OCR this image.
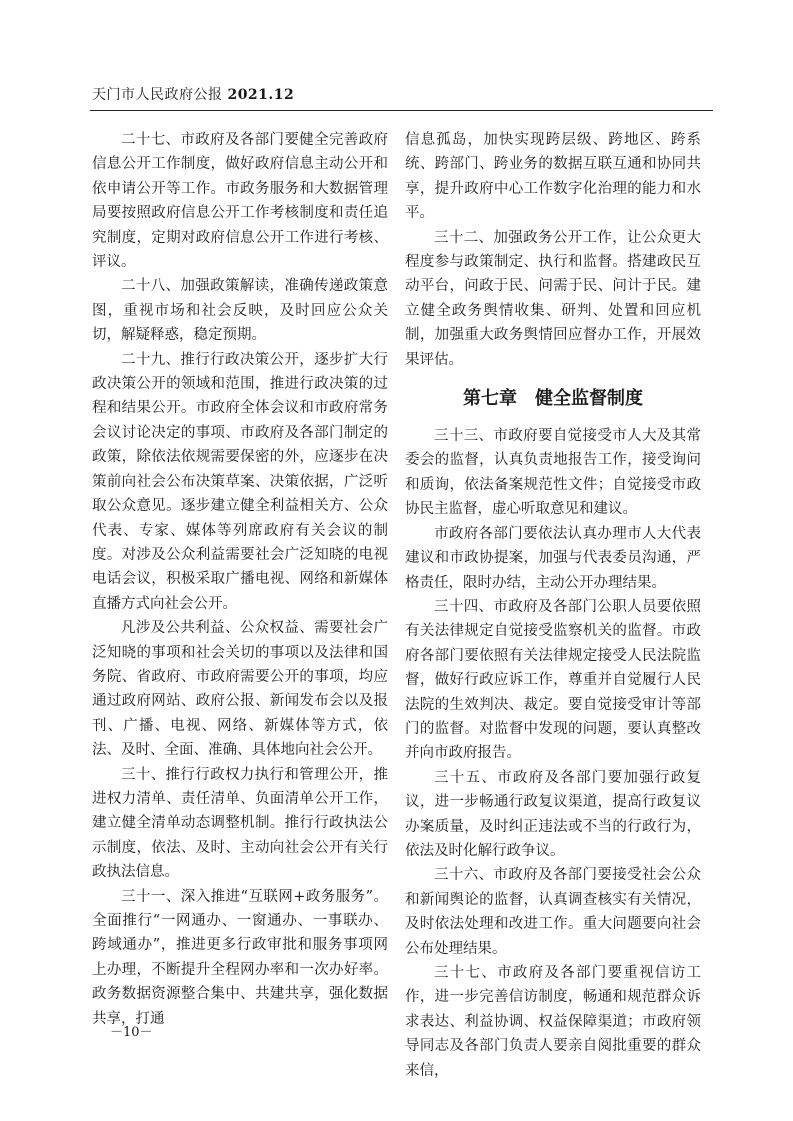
天门市人民政府公报 2021.12

二十七、市政府及各部门要健全完善政府信息公开工作制度，做好政府信息主动公开和依申请公开等工作。市政务服务和大数据管理局要按照政府信息公开工作考核制度和责任追究制度，定期对政府信息公开工作进行考核、评议。

二十八、加强政策解读，准确传递政策意图，重视市场和社会反映，及时回应公众关切，解疑释惑，稳定预期。

二十九、推行行政决策公开，逐步扩大行政决策公开的领域和范围，推进行政决策的过程和结果公开。市政府全体会议和市政府常务会议讨论决定的事项、市政府及各部门制定的政策，除依法依规需要保密的外，应逐步在决策前向社会公布决策草案、决策依据，广泛听取公众意见。逐步建立健全利益相关方、公众代表、专家、媒体等列席政府有关会议的制度。对涉及公众利益需要社会广泛知晓的电视电话会议，积极采取广播电视、网络和新媒体直播方式向社会公开。

凡涉及公共利益、公众权益、需要社会广泛知晓的事项和社会关切的事项以及法律和国务院、省政府、市政府需要公开的事项，均应通过政府网站、政府公报、新闻发布会以及报刊、广播、电视、网络、新媒体等方式，依法、及时、全面、准确、具体地向社会公开。

三十、推行行政权力执行和管理公开，推进权力清单、责任清单、负面清单公开工作，建立健全清单动态调整机制。推行行政执法公示制度，依法、及时、主动向社会公开有关行政执法信息。

三十一、深入推进“互联网+政务服务”。全面推行“一网通办、一窗通办、一事联办、跨域通办”，推进更多行政审批和服务事项网上办理，不断提升全程网办率和一次办好率。政务数据资源整合集中、共建共享，强化数据共享，打通

信息孤岛，加快实现跨层级、跨地区、跨系统、跨部门、跨业务的数据互联互通和协同共享，提升政府中心工作数字化治理的能力和水平。

三十二、加强政务公开工作，让公众更大程度参与政策制定、执行和监督。搭建政民互动平台，问政于民、问需于民、问计于民。建立健全政务舆情收集、研判、处置和回应机制，加强重大政务舆情回应督办工作，开展效果评估。

第七章 健全监督制度

三十三、市政府要自觉接受市人大及其常委会的监督，认真负责地报告工作，接受询问和质询，依法备案规范性文件；自觉接受市政协民主监督，虚心听取意见和建议。

市政府各部门要依法认真办理市人大代表建议和市政协提案，加强与代表委员沟通，严格责任，限时办结，主动公开办理结果。

三十四、市政府及各部门公职人员要依照有关法律规定自觉接受监察机关的监督。市政府各部门要依照有关法律规定接受人民法院监督，做好行政应诉工作，尊重并自觉履行人民法院的生效判决、裁定。要自觉接受审计等部门的监督。对监督中发现的问题，要认真整改并向市政府报告。

三十五、市政府及各部门要加强行政复议，进一步畅通行政复议渠道，提高行政复议办案质量，及时纠正违法或不当的行政行为，依法及时化解行政争议。

三十六、市政府及各部门要接受社会公众和新闻舆论的监督，认真调查核实有关情况，及时依法处理和改进工作。重大问题要向社会公布处理结果。

三十七、市政府及各部门要重视信访工作，进一步完善信访制度，畅通和规范群众诉求表达、利益协调、权益保障渠道；市政府领导同志及各部门负责人要亲自阅批重要的群众来信，

－10－
